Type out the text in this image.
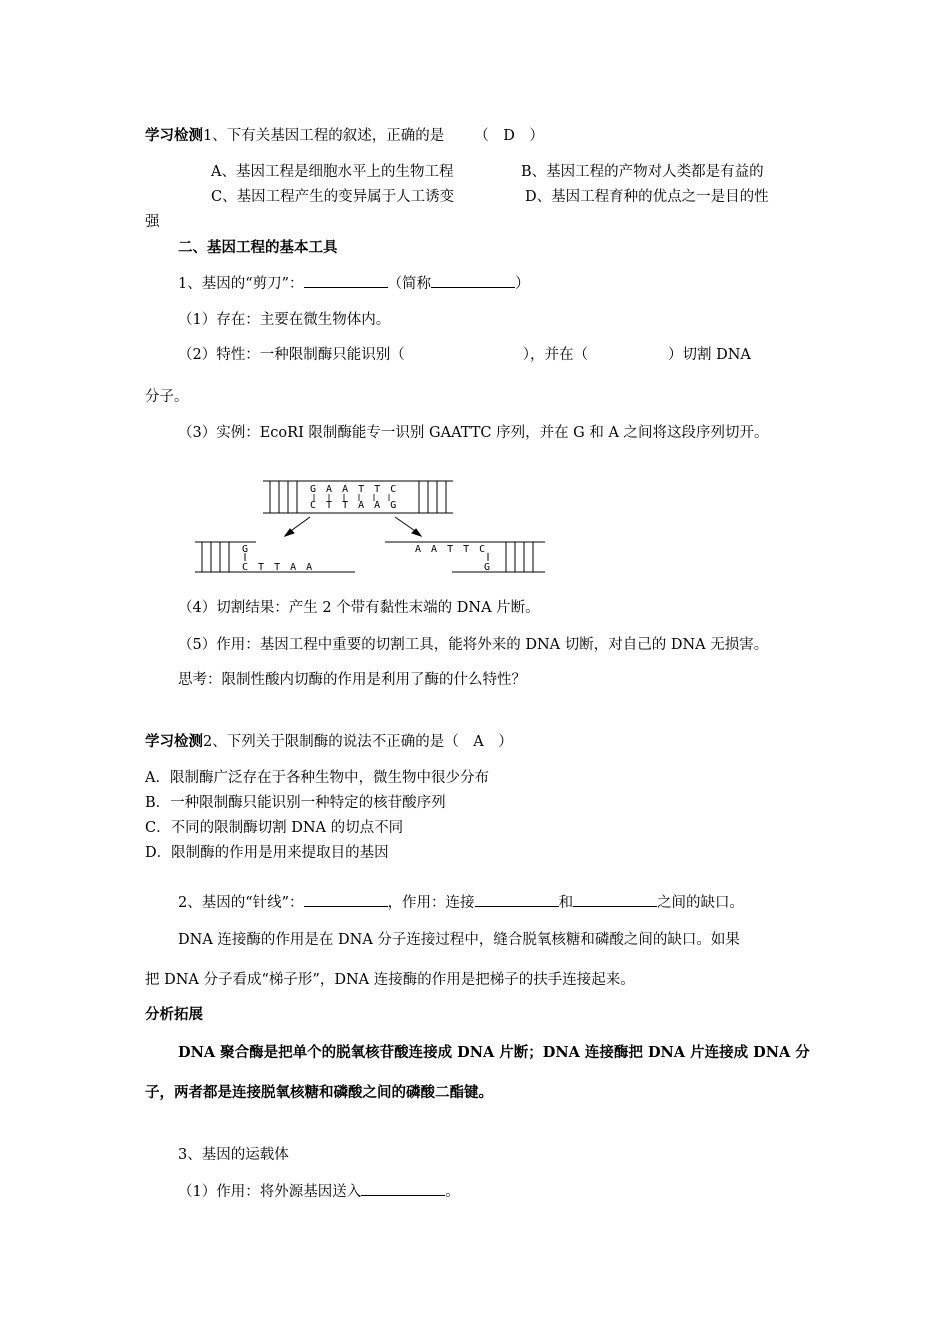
学习检测1、下有关基因工程的叙述，正确的是 （　D　）
A、基因工程是细胞水平上的生物工程	B、基因工程的产物对人类都是有益的
C、基因工程产生的变异属于人工诱变	D、基因工程育种的优点之一是目的性
强
二、基因工程的基本工具
1、基因的“剪刀”：	（简称	）
（1）存在：主要在微生物体内。
（2）特性：一种限制酶只能识别（	），并在（	）切割 DNA
分子。
（3）实例：EcoRI 限制酶能专一识别 GAATTC 序列，并在 G 和 A 之间将这段序列切开。
G A A T T C
C T T A A G
G
C T T A A
A A T T C
G
（4）切割结果：产生 2 个带有黏性末端的 DNA 片断。
（5）作用：基因工程中重要的切割工具，能将外来的 DNA 切断，对自己的 DNA 无损害。
思考：限制性酸内切酶的作用是利用了酶的什么特性？
学习检测2、下列关于限制酶的说法不正确的是（　A　）
A．限制酶广泛存在于各种生物中，微生物中很少分布
B．一种限制酶只能识别一种特定的核苷酸序列
C．不同的限制酶切割 DNA 的切点不同
D．限制酶的作用是用来提取目的基因
2、基因的“针线”：	，作用：连接	和	之间的缺口。
DNA 连接酶的作用是在 DNA 分子连接过程中，缝合脱氧核糖和磷酸之间的缺口。如果
把 DNA 分子看成“梯子形”，DNA 连接酶的作用是把梯子的扶手连接起来。
分析拓展
DNA 聚合酶是把单个的脱氧核苷酸连接成 DNA 片断；DNA 连接酶把 DNA 片连接成 DNA 分
子，两者都是连接脱氧核糖和磷酸之间的磷酸二酯键。
3、基因的运载体
（1）作用：将外源基因送入	。
